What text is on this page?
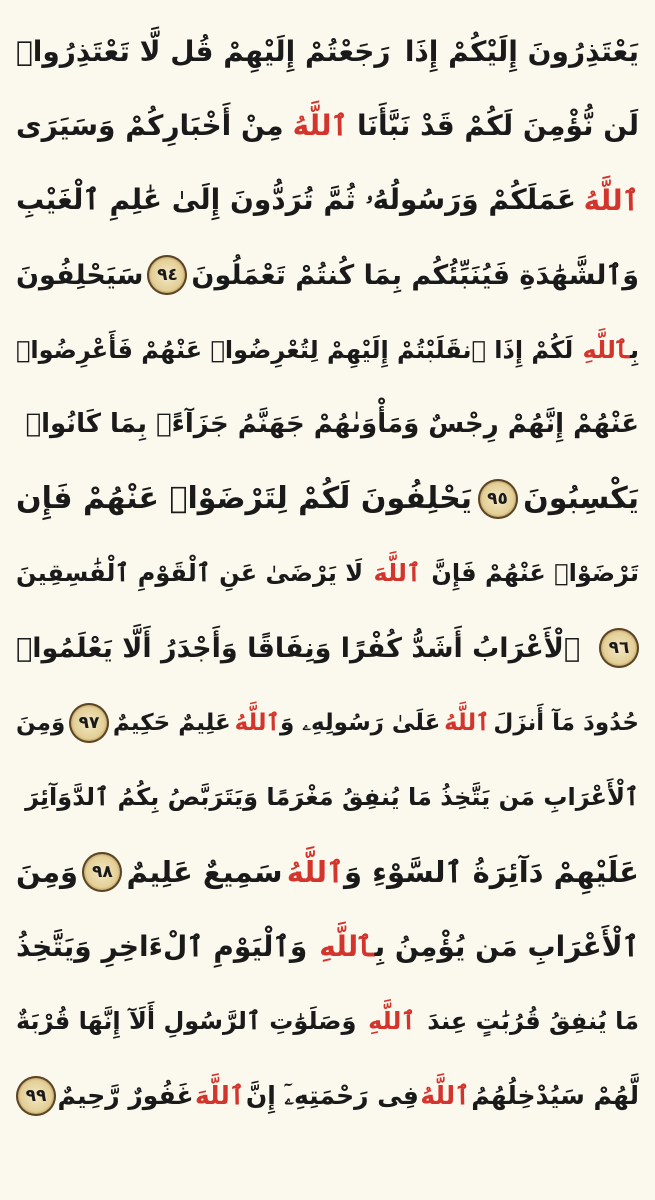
يَعْتَذِرُونَ إِلَيْكُمْ إِذَا
رَجَعْتُمْ إِلَيْهِمْ قُل لَّا تَعْتَذِرُوا۟
لَن نُّؤْمِنَ لَكُمْ قَدْ نَبَّأَنَا
ٱللَّهُ
مِنْ أَخْبَارِكُمْ وَسَيَرَى
ٱللَّهُ
عَمَلَكُمْ وَرَسُولُهُۥ ثُمَّ تُرَدُّونَ إِلَىٰ عَٰلِمِ ٱلْغَيْبِ
وَٱلشَّهَٰدَةِ فَيُنَبِّئُكُم بِمَا كُنتُمْ تَعْمَلُونَ
٩٤
سَيَحْلِفُونَ
بِٱللَّهِ
لَكُمْ إِذَا ٱنقَلَبْتُمْ إِلَيْهِمْ لِتُعْرِضُوا۟ عَنْهُمْ فَأَعْرِضُوا۟
عَنْهُمْ إِنَّهُمْ رِجْسٌ وَمَأْوَىٰهُمْ جَهَنَّمُ جَزَآءًۢ بِمَا كَانُوا۟
يَكْسِبُونَ
٩٥
يَحْلِفُونَ لَكُمْ لِتَرْضَوْا۟ عَنْهُمْ فَإِن
تَرْضَوْا۟ عَنْهُمْ فَإِنَّ
ٱللَّهَ
لَا يَرْضَىٰ عَنِ ٱلْقَوْمِ ٱلْفَٰسِقِينَ
٩٦
ٱلْأَعْرَابُ أَشَدُّ كُفْرًا وَنِفَاقًا وَأَجْدَرُ أَلَّا يَعْلَمُوا۟
حُدُودَ مَآ أَنزَلَ
ٱللَّهُ
عَلَىٰ رَسُولِهِۦ وَٱللَّهُ
عَلِيمٌ حَكِيمٌ
٩٧
وَمِنَ
ٱلْأَعْرَابِ مَن يَتَّخِذُ مَا يُنفِقُ مَغْرَمًا وَيَتَرَبَّصُ بِكُمُ ٱلدَّوَآئِرَ
عَلَيْهِمْ دَآئِرَةُ ٱلسَّوْءِ وَٱللَّهُ
سَمِيعٌ عَلِيمٌ
٩٨
وَمِنَ
ٱلْأَعْرَابِ مَن يُؤْمِنُ بِٱللَّهِ
وَٱلْيَوْمِ ٱلْءَاخِرِ وَيَتَّخِذُ
مَا يُنفِقُ قُرُبَٰتٍ عِندَ
ٱللَّهِ
وَصَلَوَٰتِ ٱلرَّسُولِ أَلَآ إِنَّهَا قُرْبَةٌ
لَّهُمْ سَيُدْخِلُهُمُ
ٱللَّهُ
فِى رَحْمَتِهِۦٓ إِنَّ
ٱللَّهَ
غَفُورٌ رَّحِيمٌ
٩٩
